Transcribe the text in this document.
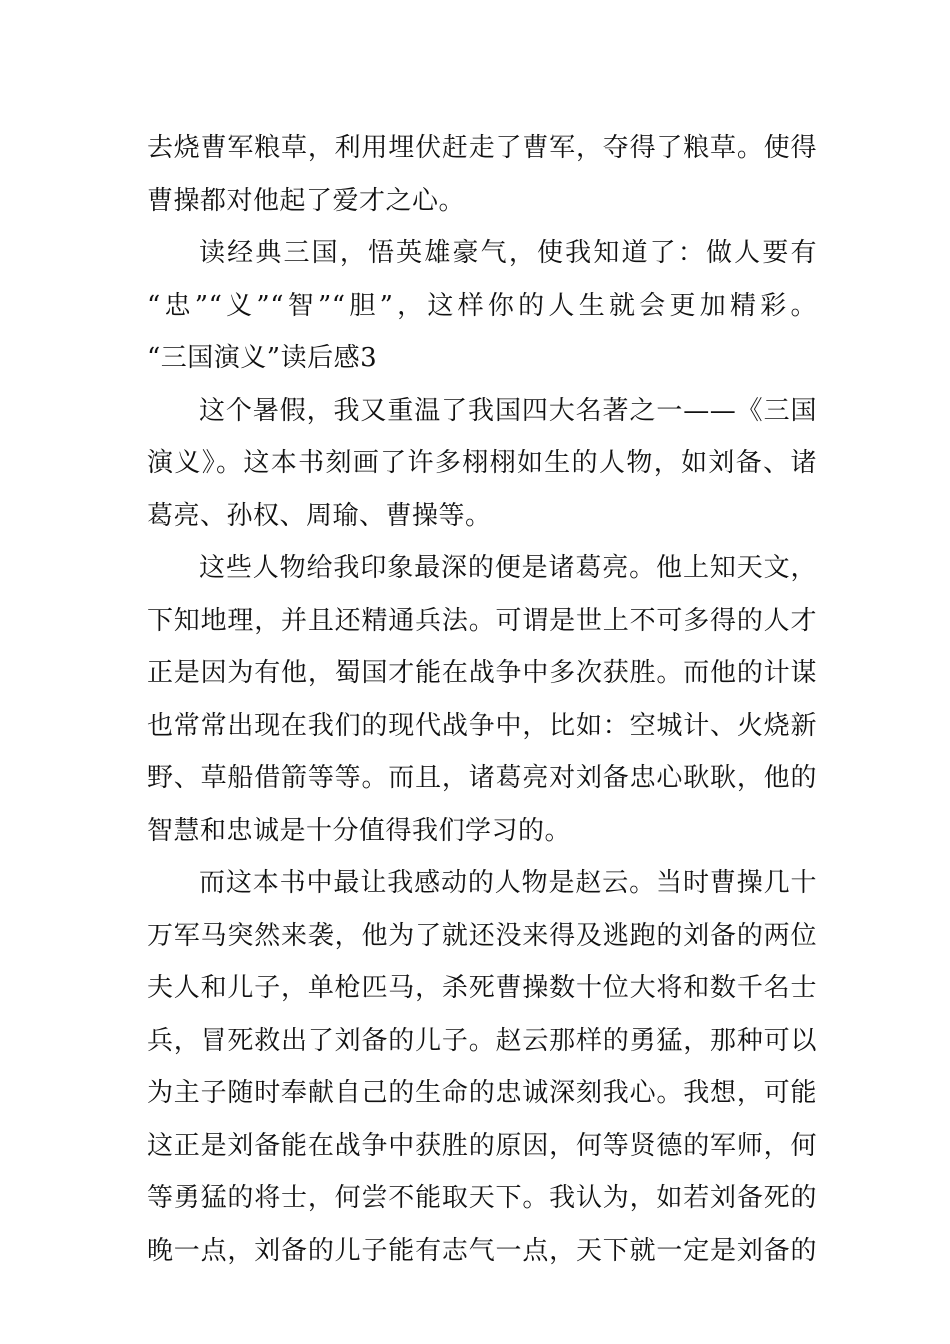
去烧曹军粮草，利用埋伏赶走了曹军，夺得了粮草。使得
曹操都对他起了爱才之心。
读经典三国，悟英雄豪气，使我知道了：做人要有
“忠”“义”“智”“胆”，这样你的人生就会更加精彩。
“三国演义”读后感3
这个暑假，我又重温了我国四大名著之一——《三国
演义》。这本书刻画了许多栩栩如生的人物，如刘备、诸
葛亮、孙权、周瑜、曹操等。
这些人物给我印象最深的便是诸葛亮。他上知天文，
下知地理，并且还精通兵法。可谓是世上不可多得的人才
正是因为有他，蜀国才能在战争中多次获胜。而他的计谋
也常常出现在我们的现代战争中，比如：空城计、火烧新
野、草船借箭等等。而且，诸葛亮对刘备忠心耿耿，他的
智慧和忠诚是十分值得我们学习的。
而这本书中最让我感动的人物是赵云。当时曹操几十
万军马突然来袭，他为了就还没来得及逃跑的刘备的两位
夫人和儿子，单枪匹马，杀死曹操数十位大将和数千名士
兵，冒死救出了刘备的儿子。赵云那样的勇猛，那种可以
为主子随时奉献自己的生命的忠诚深刻我心。我想，可能
这正是刘备能在战争中获胜的原因，何等贤德的军师，何
等勇猛的将士，何尝不能取天下。我认为，如若刘备死的
晚一点，刘备的儿子能有志气一点，天下就一定是刘备的
